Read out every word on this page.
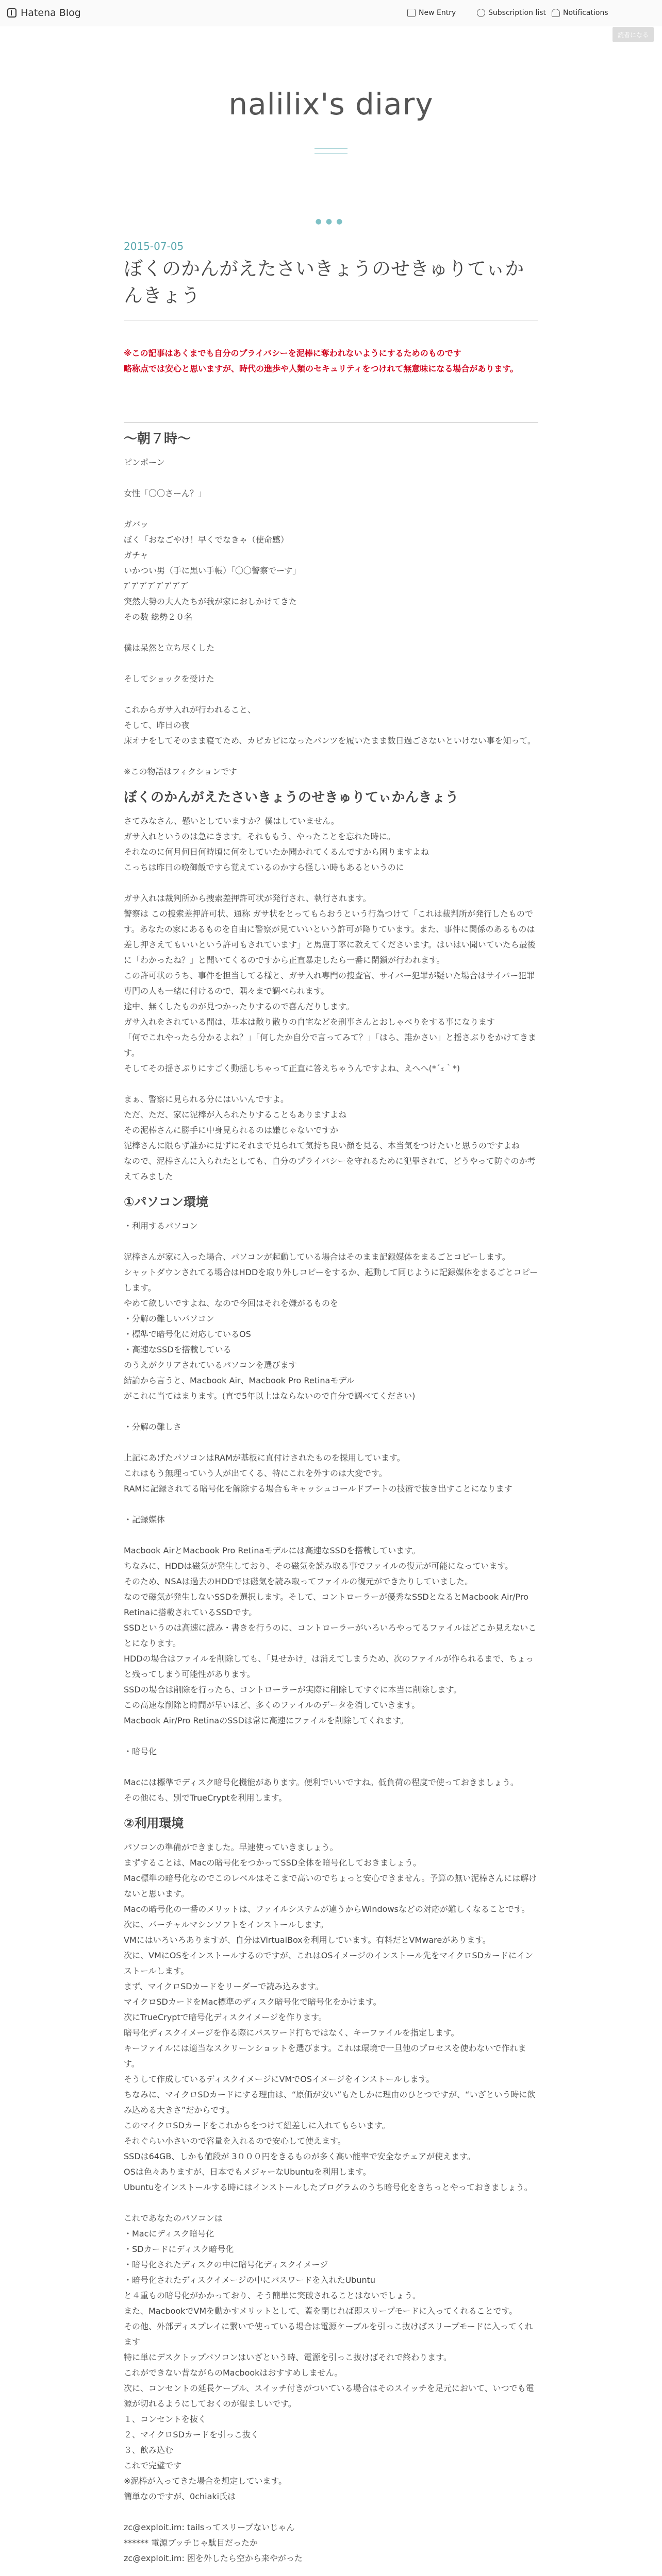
Hatena Blog	New Entry	Subscription list Notifications
読者になる
nalilix's diary
●●●
2015-07-05
ぼくのかんがえたさいきょうのせきゅりてぃかんきょう
※この記事はあくまでも自分のプライバシーを泥棒に奪われないようにするためのものです
略称点では安心と思いますが、時代の進歩や人類のセキュリティをつけれて無意味になる場合があります。
〜朝７時〜
ピンポーン
女性「〇〇さーん？」
ガバッ
ぼく「おなごやけ！早くでなきゃ（使命感）
ガチャ
いかつい男（手に黒い手帳）「〇〇警察でーす」
ｱﾞｱﾞｱﾞｱﾞｱﾞｱﾞｱﾞｱﾞ
突然大勢の大人たちが我が家におしかけてきた
その数 総勢２０名
僕は呆然と立ち尽くした
そしてショックを受けた
これからガサ入れが行われること、
そして、昨日の夜
床オナをしてそのまま寝てため、カピカピになったパンツを履いたまま数日過ごさないといけない事を知って。
※この物語はフィクションです
ぼくのかんがえたさいきょうのせきゅりてぃかんきょう
さてみなさん、懸いとしていますか？僕はしていません。
ガサ入れというのは急にきます。それももう、やったことを忘れた時に。
それなのに何月何日何時頃に何をしていたか聞かれてくるんですから困りますよね
こっちは昨日の晩御飯ですら覚えているのかすら怪しい時もあるというのに
ガサ入れは裁判所から捜索差押許可状が発行され、執行されます。
警察は この捜索差押許可状、通称 ガサ状をとってもらおうという行為つけて「これは裁判所が発行したものです。あなたの家にあるものを自由に警察が見ていいという許可が降りています。また、事件に関係のあるものは差し押さえてもいいという許可もされています」と馬鹿丁寧に教えてくださいます。はいはい聞いていたら最後に「わかったね？」と聞いてくるのですから正直暴走したら一番に閉鎖が行われます。
この許可状のうち、事件を担当してる様と、ガサ入れ専門の捜査官、サイバー犯罪が疑いた場合はサイバー犯罪専門の人も一緒に付けるので、隅々まで調べられます。
途中、無くしたものが見つかったりするので喜んだりします。
ガサ入れをされている間は、基本は散り散りの自宅などを刑事さんとおしゃべりをする事になります
「何でこれやったら分かるよね？」「何したか自分で言ってみて？」「はら、誰かさい」と揺さぶりをかけてきます。
そしてその揺さぶりにすごく動揺しちゃって正直に答えちゃうんですよね、えへへ(*´ｪ｀*)
まぁ、警察に見られる分にはいいんですよ。
ただ、ただ、家に泥棒が入られたりすることもありますよね
その泥棒さんに勝手に中身見られるのは嫌じゃないですか
泥棒さんに限らず誰かに見ずにそれまで見られて気持ち良い顔を見る、本当気をつけたいと思うのですよね
なので、泥棒さんに入られたとしても、自分のプライバシーを守れるために犯罪されて、どうやって防ぐのか考えてみました
①パソコン環境
・利用するパソコン
泥棒さんが家に入った場合、パソコンが起動している場合はそのまま記録媒体をまるごとコピーします。
シャットダウンされてる場合はHDDを取り外しコピーをするか、起動して同じように記録媒体をまるごとコピーします。
やめて欲しいですよね、なので今回はそれを嫌がるものを
・分解の難しいパソコン
・標準で暗号化に対応しているOS
・高速なSSDを搭載している
のうえがクリアされているパソコンを選びます
結論から言うと、Macbook Air、Macbook Pro Retinaモデル
がこれに当てはまります。(直で5年以上はならないので自分で調べてください)
・分解の難しさ
上記にあげたパソコンはRAMが基板に直付けされたものを採用しています。
これはもう無理っていう人が出てくる、特にこれを外すのは大変です。
RAMに記録されてる暗号化を解除する場合もキャッシュコールドブートの技術で抜き出すことになります
・記録媒体
Macbook AirとMacbook Pro Retinaモデルには高速なSSDを搭載しています。
ちなみに、HDDは磁気が発生しており、その磁気を読み取る事でファイルの復元が可能になっています。
そのため、NSAは過去のHDDでは磁気を読み取ってファイルの復元ができたりしていました。
なので磁気が発生しないSSDを選択します。そして、コントローラーが優秀なSSDとなるとMacbook Air/Pro Retinaに搭載されているSSDです。
SSDというのは高速に読み・書きを行うのに、コントローラーがいろいろやってるファイルはどこか見えないことになります。
HDDの場合はファイルを削除しても、「見せかけ」は消えてしまうため、次のファイルが作られるまで、ちょっと残ってしまう可能性があります。
SSDの場合は削除を行ったら、コントローラーが実際に削除してすぐに本当に削除します。
この高速な削除と時間が早いほど、多くのファイルのデータを消していきます。
Macbook Air/Pro RetinaのSSDは常に高速にファイルを削除してくれます。
・暗号化
Macには標準でディスク暗号化機能があります。便利でいいですね。低負荷の程度で使っておきましょう。
その他にも、別でTrueCryptを利用します。
②利用環境
パソコンの準備ができました。早速使っていきましょう。
まずすることは、Macの暗号化をつかってSSD全体を暗号化しておきましょう。
Mac標準の暗号化なのでこのレベルはそこまで高いのでちょっと安心できません。予算の無い泥棒さんには解けないと思います。
Macの暗号化の一番のメリットは、ファイルシステムが違うからWindowsなどの対応が難しくなることです。
次に、パーチャルマシンソフトをインストールします。
VMにはいろいろありますが、自分はVirtualBoxを利用しています。有料だとVMwareがあります。
次に、VMにOSをインストールするのですが、これはOSイメージのインストール先をマイクロSDカードにインストールします。
まず、マイクロSDカードをリーダーで読み込みます。
マイクロSDカードをMac標準のディスク暗号化で暗号化をかけます。
次にTrueCryptで暗号化ディスクイメージを作ります。
暗号化ディスクイメージを作る際にパスワード打ちではなく、キーファイルを指定します。
キーファイルには適当なスクリーンショットを選びます。これは環境で一旦他のプロセスを使わないで作れます。
そうして作成しているディスクイメージにVMでOSイメージをインストールします。
ちなみに、マイクロSDカードにする理由は、“原価が安い”もたしかに理由のひとつですが、“いざという時に飲み込める大きさ”だからです。
このマイクロSDカードをこれからをつけて紐差しに入れてもらいます。
それぐらい小さいので容量を入れるので安心して使えます。
SSDは64GB、しかも値段が 3０００円をきるものが多く高い能率で安全なチェアが使えます。
OSは色々ありますが、日本でもメジャーなUbuntuを利用します。
Ubuntuをインストールする時にはインストールしたプログラムのうち暗号化をきちっとやっておきましょう。
これであなたのパソコンは
・Macにディスク暗号化
・SDカードにディスク暗号化
・暗号化されたディスクの中に暗号化ディスクイメージ
・暗号化されたディスクイメージの中にパスワードを入れたUbuntu
と４重もの暗号化がかかっており、そう簡単に突破されることはないでしょう。
また、MacbookでVMを動かすメリットとして、蓋を閉じれば即スリープモードに入ってくれることです。
その他、外部ディスプレイに繋いで使っている場合は電源ケーブルを引っこ抜けばスリープモードに入ってくれます
特に単にデスクトップパソコンはいざという時、電源を引っこ抜けばそれで終わります。
これができない昔ながらのMacbookはおすすめしません。
次に、コンセントの延長ケーブル、スイッチ付きがついている場合はそのスイッチを足元において、いつでも電源が切れるようにしておくのが望ましいです。
１、コンセントを抜く
２、マイクロSDカードを引っこ抜く
３、飲み込む
これで完璧です
※泥棒が入ってきた場合を想定しています。
簡単なのですが、0chiaki氏は
zc@exploit.im: tailsってスリープないじゃん
****** 電源ブッチじゃ駄目だったか
zc@exploit.im: 困を外したら空から来やがった
